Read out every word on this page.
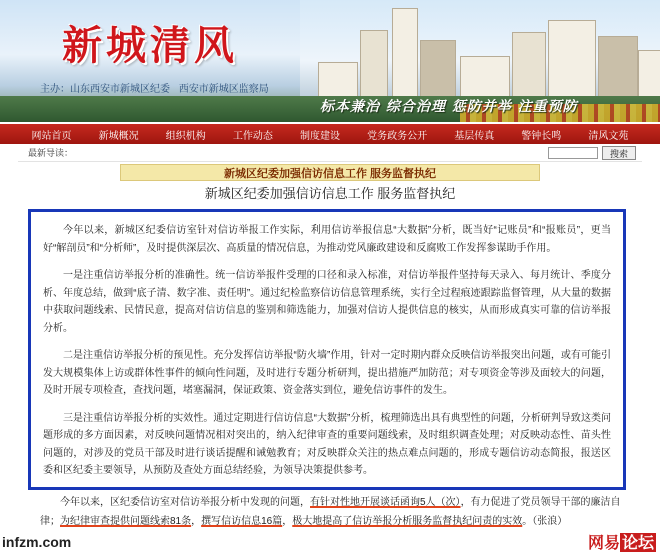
新城清风
主办：山东西安市新城区纪委 西安市新城区监察局
标本兼治 综合治理 惩防并举 注重预防
网站首页	新城概况	组织机构	工作动态	制度建设	党务政务公开	基层传真	警钟长鸣	清风文苑
最新导读：	搜索
新城区纪委加强信访信息工作 服务监督执纪
新城区纪委加强信访信息工作 服务监督执纪

今年以来，新城区纪委信访室针对信访举报工作实际，利用信访举报信息“大数据”分析，既当好“记账员”和“报账员”，更当好“解剖员”和“分析师”，及时提供深层次、高质量的情况信息，为推动党风廉政建设和反腐败工作发挥参谋助手作用。

一是注重信访举报分析的准确性。统一信访举报件受理的口径和录入标准，对信访举报件坚持每天录入、每月统计、季度分析、年度总结，做到“底子清、数字准、责任明”。通过纪检监察信访信息管理系统，实行全过程痕迹跟踪监督管理，从大量的数据中获取问题线索、民情民意，提高对信访信息的鉴别和筛选能力，加强对信访人提供信息的核实，从而形成真实可靠的信访举报分析。

二是注重信访举报分析的预见性。充分发挥信访举报“防火墙”作用，针对一定时期内群众反映信访举报突出问题，或有可能引发大规模集体上访或群体性事件的倾向性问题，及时进行专题分析研判，提出措施严加防范；对专项资金等涉及面较大的问题，及时开展专项检查，查找问题，堵塞漏洞，保证政策、资金落实到位，避免信访事件的发生。

三是注重信访举报分析的实效性。通过定期进行信访信息“大数据”分析，梳理筛选出具有典型性的问题，分析研判导致这类问题形成的多方面因素，对反映问题情况相对突出的，纳入纪律审查的重要问题线索，及时组织调查处理；对反映动态性、苗头性问题的，对涉及的党员干部及时进行谈话提醒和诫勉教育；对反映群众关注的热点难点问题的，形成专题信访动态简报，报送区委和区纪委主要领导，从预防及查处方面总结经验，为领导决策提供参考。

今年以来，区纪委信访室对信访举报分析中发现的问题，有针对性地开展谈话函询5人（次），有力促进了党员领导干部的廉洁自律；为纪律审查提供问题线索81条，撰写信访信息16篇，极大地提高了信访举报分析服务监督执纪问责的实效。（张浪）
infzm.com	网易 论坛
